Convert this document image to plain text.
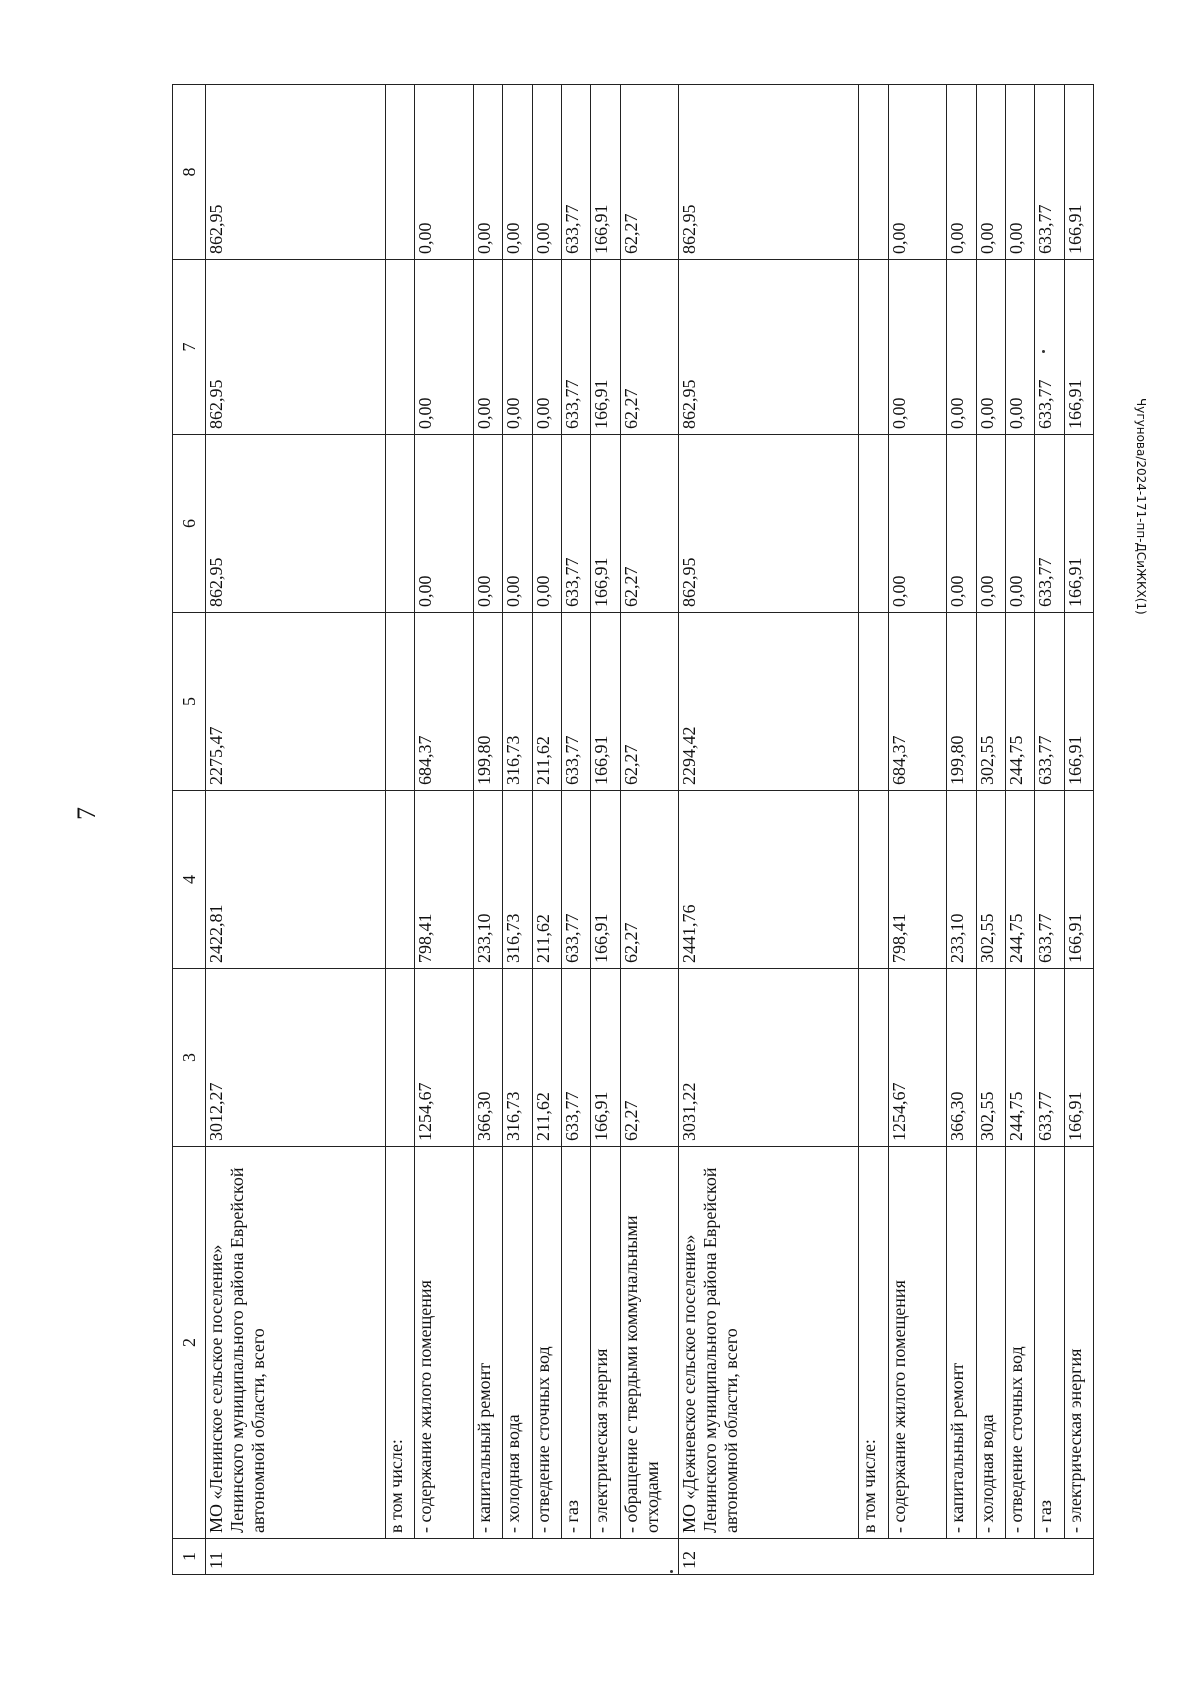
7
Чугунова/2024-171-пп-ДСиЖКХ(1)
1	2	3	4	5	6	7	8
11	МО «Ленинское сельское поселение» Ленинского муниципального района Еврейской автономной области, всего	3012,27	2422,81	2275,47	862,95	862,95	862,95
	в том числе:						
	- содержание жилого помещения	1254,67	798,41	684,37	0,00	0,00	0,00
	- капитальный ремонт	366,30	233,10	199,80	0,00	0,00	0,00
	- холодная вода	316,73	316,73	316,73	0,00	0,00	0,00
	- отведение сточных вод	211,62	211,62	211,62	0,00	0,00	0,00
	- газ	633,77	633,77	633,77	633,77	633,77	633,77
	- электрическая энергия	166,91	166,91	166,91	166,91	166,91	166,91
	- обращение с твердыми коммунальными отходами	62,27	62,27	62,27	62,27	62,27	62,27
12	МО «Дежневское сельское поселение» Ленинского муниципального района Еврейской автономной области, всего	3031,22	2441,76	2294,42	862,95	862,95	862,95
	в том числе:						
	- содержание жилого помещения	1254,67	798,41	684,37	0,00	0,00	0,00
	- капитальный ремонт	366,30	233,10	199,80	0,00	0,00	0,00
	- холодная вода	302,55	302,55	302,55	0,00	0,00	0,00
	- отведение сточных вод	244,75	244,75	244,75	0,00	0,00	0,00
	- газ	633,77	633,77	633,77	633,77	633,77	633,77
	- электрическая энергия	166,91	166,91	166,91	166,91	166,91	166,91
